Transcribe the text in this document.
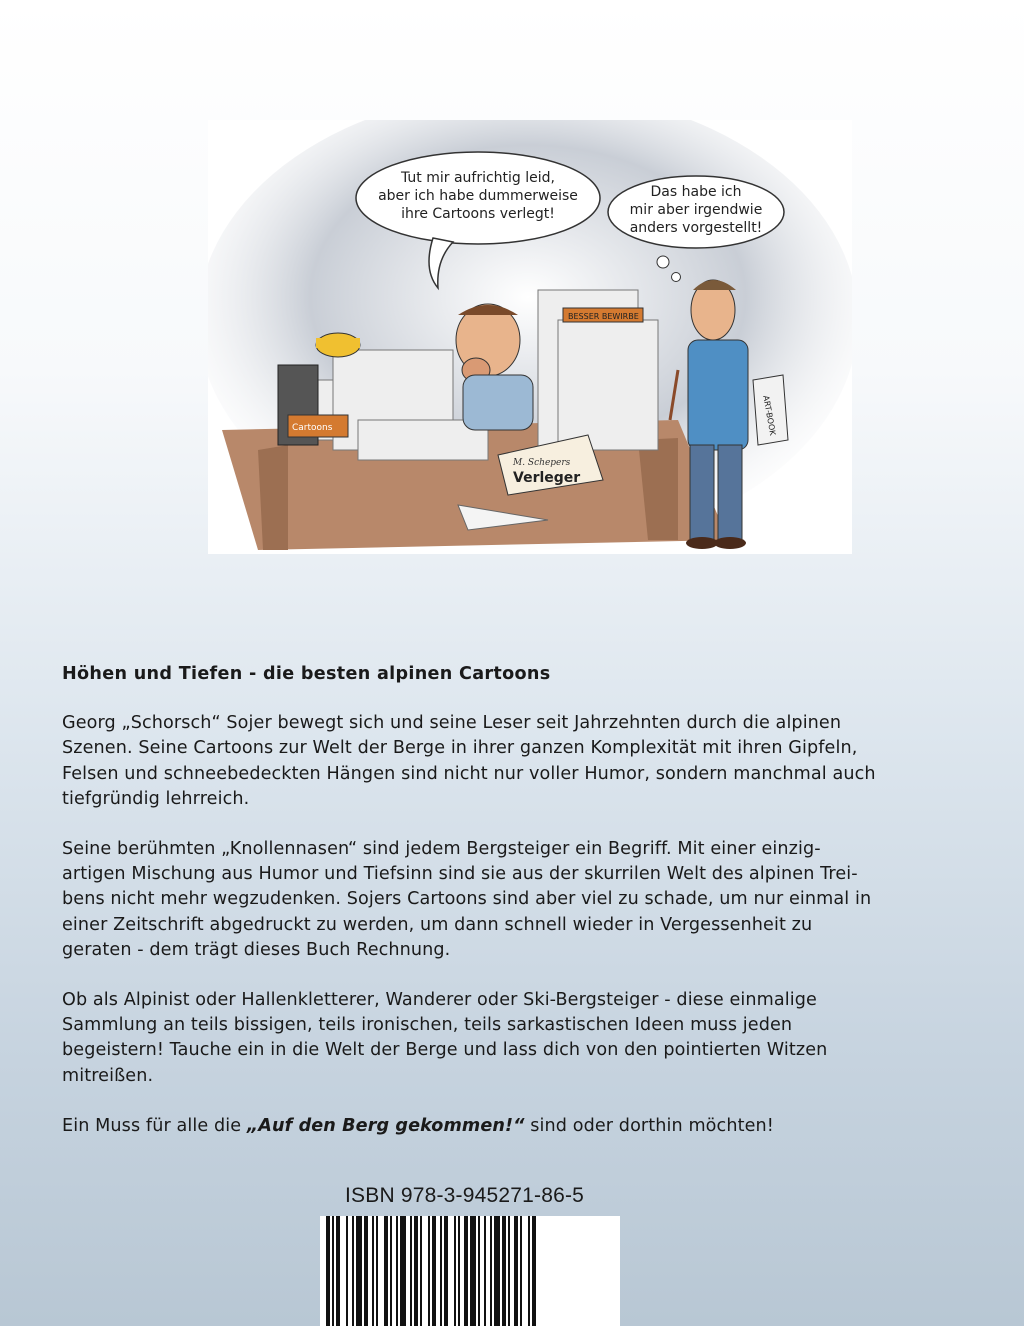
Cartoons
BESSER BEWIRBE
M. Schepers
Verleger
ART-BOOK
Tut mir aufrichtig leid,
aber ich habe dummerweise
ihre Cartoons verlegt!
Das habe ich
mir aber irgendwie
anders vorgestellt!
Höhen und Tiefen - die besten alpinen Cartoons

Georg „Schorsch“ Sojer bewegt sich und seine Leser seit Jahrzehnten durch die alpinen
Szenen. Seine Cartoons zur Welt der Berge in ihrer ganzen Komplexität mit ihren Gipfeln,
Felsen und schneebedeckten Hängen sind nicht nur voller Humor, sondern manchmal auch
tiefgründig lehrreich.

Seine berühmten „Knollennasen“ sind jedem Bergsteiger ein Begriff. Mit einer einzig-
artigen Mischung aus Humor und Tiefsinn sind sie aus der skurrilen Welt des alpinen Trei-
bens nicht mehr wegzudenken. Sojers Cartoons sind aber viel zu schade, um nur einmal in
einer Zeitschrift abgedruckt zu werden, um dann schnell wieder in Vergessenheit zu
geraten - dem trägt dieses Buch Rechnung.

Ob als Alpinist oder Hallenkletterer, Wanderer oder Ski-Bergsteiger - diese einmalige
Sammlung an teils bissigen, teils ironischen, teils sarkastischen Ideen muss jeden
begeistern! Tauche ein in die Welt der Berge und lass dich von den pointierten Witzen
mitreißen.

Ein Muss für alle die „Auf den Berg gekommen!“ sind oder dorthin möchten!

ISBN 978-3-945271-86-5
